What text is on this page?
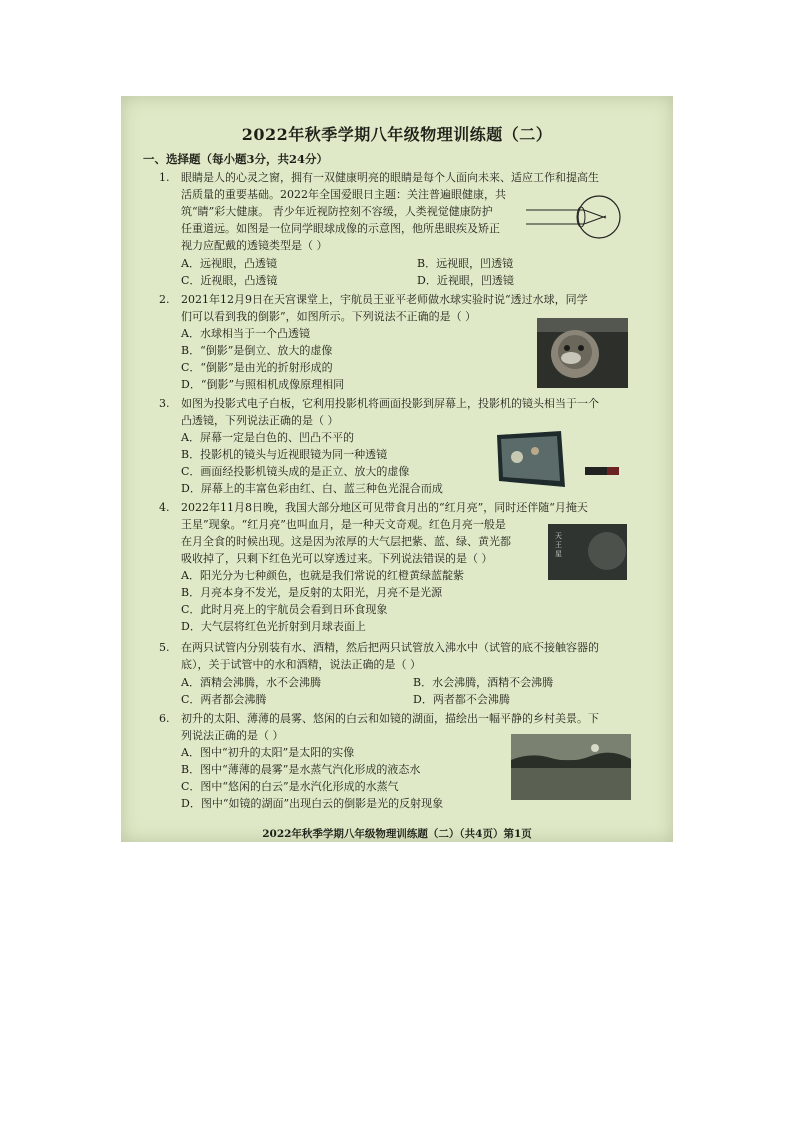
2022年秋季学期八年级物理训练题（二）
一、选择题（每小题3分，共24分）
1. 眼睛是人的心灵之窗，拥有一双健康明亮的眼睛是每个人面向未来、适应工作和提高生
活质量的重要基础。2022年全国爱眼日主题：关注普遍眼健康，共
筑“睛”彩大健康。 青少年近视防控刻不容缓，人类视觉健康防护
任重道远。如图是一位同学眼球成像的示意图，他所患眼疾及矫正
视力应配戴的透镜类型是（ ）
A．远视眼，凸透镜	B．远视眼，凹透镜
C．近视眼，凸透镜	D．近视眼，凹透镜
2. 2021年12月9日在天宫课堂上，宇航员王亚平老师做水球实验时说“透过水球，同学
们可以看到我的倒影”，如图所示。下列说法不正确的是（ ）
A．水球相当于一个凸透镜
B．“倒影”是倒立、放大的虚像
C．“倒影”是由光的折射形成的
D．“倒影”与照相机成像原理相同
3. 如图为投影式电子白板，它利用投影机将画面投影到屏幕上，投影机的镜头相当于一个
凸透镜，下列说法正确的是（ ）
A．屏幕一定是白色的、凹凸不平的
B．投影机的镜头与近视眼镜为同一种透镜
C．画面经投影机镜头成的是正立、放大的虚像
D．屏幕上的丰富色彩由红、白、蓝三种色光混合而成
4. 2022年11月8日晚，我国大部分地区可见带食月出的“红月亮”，同时还伴随“月掩天
王星”现象。“红月亮”也叫血月，是一种天文奇观。红色月亮一般是
在月全食的时候出现。这是因为浓厚的大气层把紫、蓝、绿、黄光都
吸收掉了，只剩下红色光可以穿透过来。下列说法错误的是（ ）
天王星
A．阳光分为七种颜色，也就是我们常说的红橙黄绿蓝靛紫
B．月亮本身不发光，是反射的太阳光，月亮不是光源
C．此时月亮上的宇航员会看到日环食现象
D．大气层将红色光折射到月球表面上
5. 在两只试管内分别装有水、酒精，然后把两只试管放入沸水中（试管的底不接触容器的
底），关于试管中的水和酒精，说法正确的是（ ）
A．酒精会沸腾，水不会沸腾	B．水会沸腾，酒精不会沸腾
C．两者都会沸腾	D．两者都不会沸腾
6. 初升的太阳、薄薄的晨雾、悠闲的白云和如镜的湖面，描绘出一幅平静的乡村美景。下
列说法正确的是（ ）
A．图中“初升的太阳”是太阳的实像
B．图中“薄薄的晨雾”是水蒸气汽化形成的液态水
C．图中“悠闲的白云”是水汽化形成的水蒸气
D．图中“如镜的湖面”出现白云的倒影是光的反射现象
2022年秋季学期八年级物理训练题（二）（共4页）第1页
